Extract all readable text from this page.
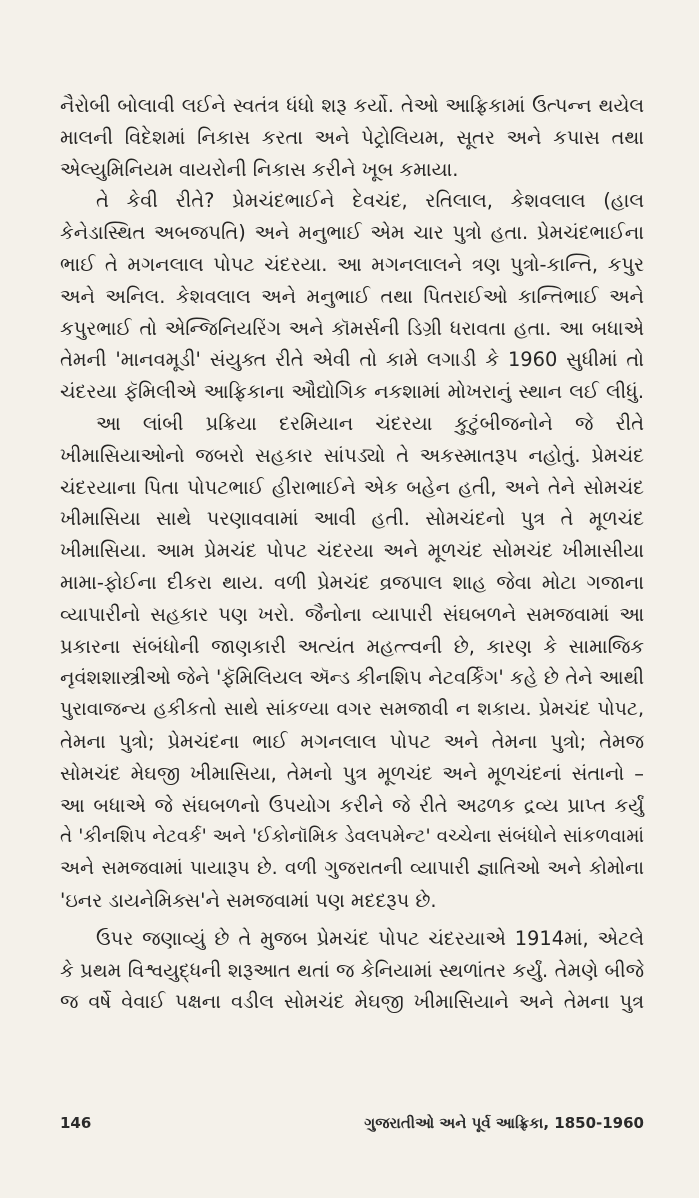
નૈરોબી બોલાવી લઈને સ્વતંત્ર ધંધો શરૂ કર્યો. તેઓ આફ્રિકામાં ઉત્પન્ન થયેલ
માલની વિદેશમાં નિકાસ કરતા અને પેટ્રોલિયમ, સૂતર અને કપાસ તથા
એલ્યુમિનિયમ વાયરોની નિકાસ કરીને ખૂબ કમાયા.
તે કેવી રીતે? પ્રેમચંદભાઈને દેવચંદ, રતિલાલ, કેશવલાલ (હાલ
કેનેડાસ્થિત અબજપતિ) અને મનુભાઈ એમ ચાર પુત્રો હતા. પ્રેમચંદભાઈના
ભાઈ તે મગનલાલ પોપટ ચંદરયા. આ મગનલાલને ત્રણ પુત્રો-કાન્તિ, કપુર
અને અનિલ. કેશવલાલ અને મનુભાઈ તથા પિતરાઈઓ કાન્તિભાઈ અને
કપુરભાઈ તો એન્જિનિયરિંગ અને કૉમર્સની ડિગ્રી ધરાવતા હતા. આ બધાએ
તેમની 'માનવમૂડી' સંયુક્ત રીતે એવી તો કામે લગાડી કે 1960 સુધીમાં તો
ચંદરયા ફૅમિલીએ આફ્રિકાના ઔદ્યોગિક નકશામાં મોખરાનું સ્થાન લઈ લીધું.
આ લાંબી પ્રક્રિયા દરમિયાન ચંદરયા કુટુંબીજનોને જે રીતે
ખીમાસિયાઓનો જબરો સહકાર સાંપડ્યો તે અકસ્માતરૂપ નહોતું. પ્રેમચંદ
ચંદરયાના પિતા પોપટભાઈ હીરાભાઈને એક બહેન હતી, અને તેને સોમચંદ
ખીમાસિયા સાથે પરણાવવામાં આવી હતી. સોમચંદનો પુત્ર તે મૂળચંદ
ખીમાસિયા. આમ પ્રેમચંદ પોપટ ચંદરયા અને મૂળચંદ સોમચંદ ખીમાસીયા
મામા-ફોઈના દીકરા થાય. વળી પ્રેમચંદ વ્રજપાલ શાહ જેવા મોટા ગજાના
વ્યાપારીનો સહકાર પણ ખરો. જૈનોના વ્યાપારી સંઘબળને સમજવામાં આ
પ્રકારના સંબંધોની જાણકારી અત્યંત મહત્ત્વની છે, કારણ કે સામાજિક
નૃવંશશાસ્ત્રીઓ જેને 'ફૅમિલિયલ ઍન્ડ કીનશિપ નેટવર્કિંગ' કહે છે તેને આથી
પુરાવાજન્ય હકીકતો સાથે સાંકળ્યા વગર સમજાવી ન શકાય. પ્રેમચંદ પોપટ,
તેમના પુત્રો; પ્રેમચંદના ભાઈ મગનલાલ પોપટ અને તેમના પુત્રો; તેમજ
સોમચંદ મેઘજી ખીમાસિયા, તેમનો પુત્ર મૂળચંદ અને મૂળચંદનાં સંતાનો –
આ બધાએ જે સંઘબળનો ઉપયોગ કરીને જે રીતે અઢળક દ્રવ્ય પ્રાપ્ત કર્યું
તે 'કીનશિપ નેટવર્ક' અને 'ઈકોનૉમિક ડેવલપમેન્ટ' વચ્ચેના સંબંધોને સાંકળવામાં
અને સમજવામાં પાયારૂપ છે. વળી ગુજરાતની વ્યાપારી જ્ઞાતિઓ અને કોમોના
'ઇનર ડાયનેમિક્સ'ને સમજવામાં પણ મદદરૂપ છે.
ઉપર જણાવ્યું છે તે મુજબ પ્રેમચંદ પોપટ ચંદરયાએ 1914માં, એટલે
કે પ્રથમ વિશ્વયુદ્ધની શરૂઆત થતાં જ કેનિયામાં સ્થળાંતર કર્યું. તેમણે બીજે
જ વર્ષે વેવાઈ પક્ષના વડીલ સોમચંદ મેઘજી ખીમાસિયાને અને તેમના પુત્ર
146	ગુજરાતીઓ અને પૂર્વ આફ્રિકા, 1850-1960
